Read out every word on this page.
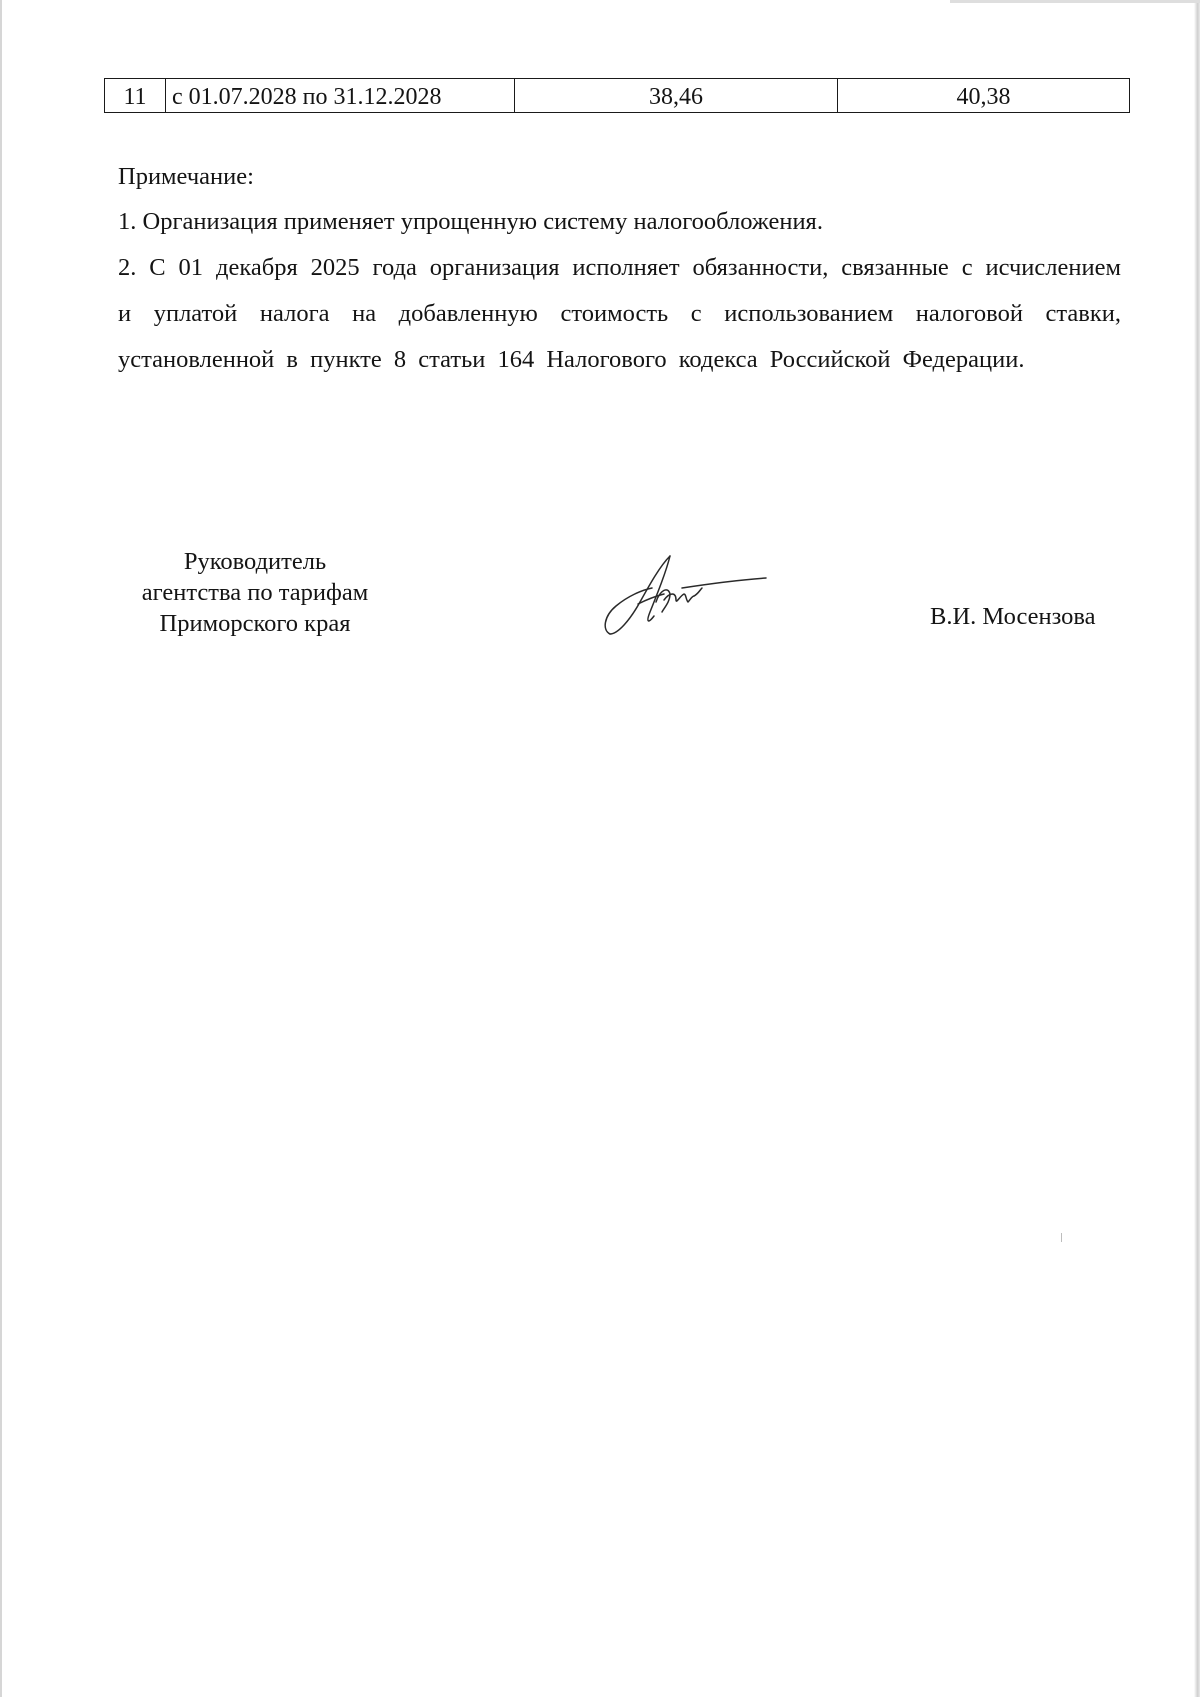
11	с 01.07.2028 по 31.12.2028	38,46	40,38

Примечание:

1. Организация применяет упрощенную систему налогообложения.

2. С 01 декабря 2025 года организация исполняет обязанности, связанные с исчислением и уплатой налога на добавленную стоимость с использованием налоговой ставки, установленной в пункте 8 статьи 164 Налогового кодекса Российской Федерации.

Руководитель
агентства по тарифам
Приморского края	В.И. Мосензова
